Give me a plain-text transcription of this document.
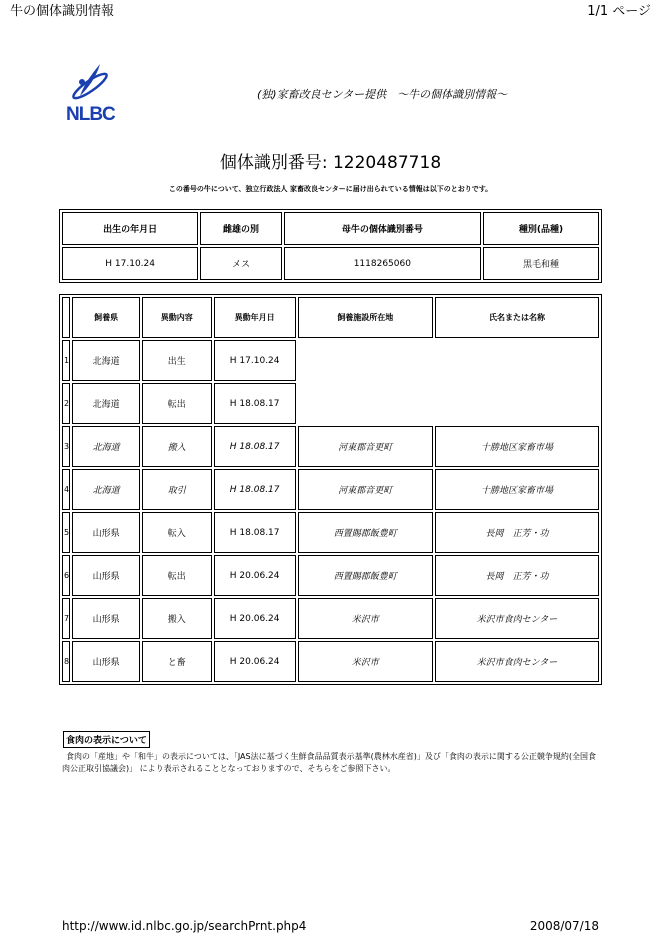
牛の個体識別情報	1/1 ページ
NLBC
(独)家畜改良センター提供　～牛の個体識別情報～
個体識別番号: 1220487718
この番号の牛について、独立行政法人 家畜改良センターに届け出られている情報は以下のとおりです。
出生の年月日	雌雄の別	母牛の個体識別番号	種別(品種)
H 17.10.24	メス	1118265060	黒毛和種
	飼養県	異動内容	異動年月日	飼養施設所在地	氏名または名称
1	北海道	出生	H 17.10.24		
2	北海道	転出	H 18.08.17		
3	北海道	搬入	H 18.08.17	河東郡音更町	十勝地区家畜市場
4	北海道	取引	H 18.08.17	河東郡音更町	十勝地区家畜市場
5	山形県	転入	H 18.08.17	西置賜郡飯豊町	長岡　正芳・功
6	山形県	転出	H 20.06.24	西置賜郡飯豊町	長岡　正芳・功
7	山形県	搬入	H 20.06.24	米沢市	米沢市食肉センター
8	山形県	と畜	H 20.06.24	米沢市	米沢市食肉センター
食肉の表示について
食肉の「産地」や「和牛」の表示については、「JAS法に基づく生鮮食品品質表示基準(農林水産省)」及び「食肉の表示に関する公正競争規約(全国食肉公正取引協議会)」 により表示されることとなっておりますので、そちらをご参照下さい。
http://www.id.nlbc.go.jp/searchPrnt.php4	2008/07/18
